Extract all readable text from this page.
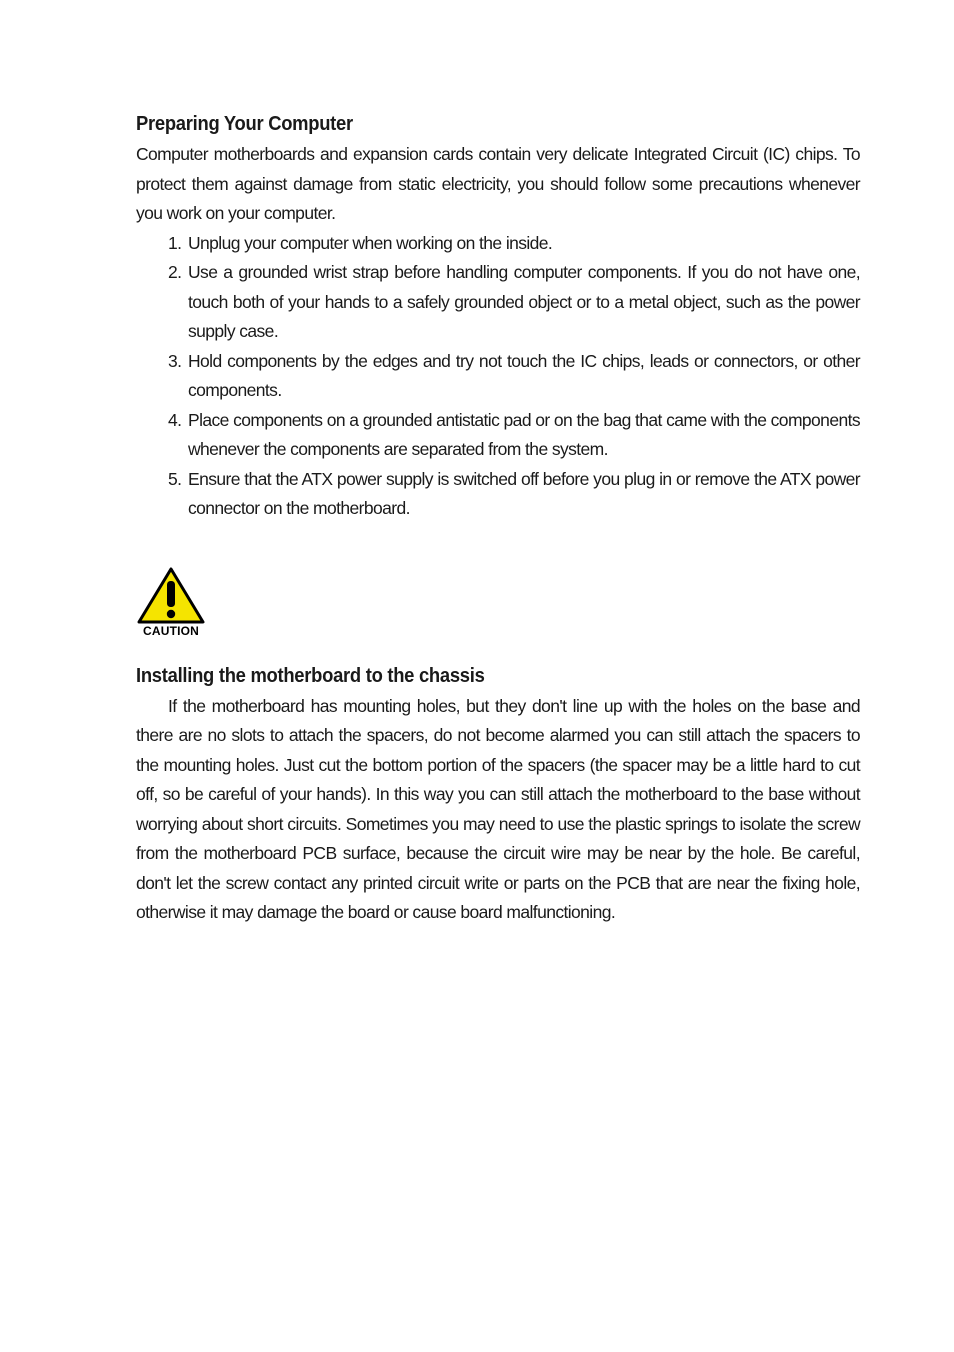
Preparing Your Computer

Computer motherboards and expansion cards contain very delicate Integrated Circuit (IC) chips. To protect them against damage from static electricity, you should follow some precautions whenever you work on your computer.

1. Unplug your computer when working on the inside.
2. Use a grounded wrist strap before handling computer components. If you do not have one, touch both of your hands to a safely grounded object or to a metal object, such as the power supply case.
3. Hold components by the edges and try not touch the IC chips, leads or connectors, or other components.
4. Place components on a grounded antistatic pad or on the bag that came with the components whenever the components are separated from the system.
5. Ensure that the ATX power supply is switched off before you plug in or remove the ATX power connector on the motherboard.
CAUTION
Installing the motherboard to the chassis

If the motherboard has mounting holes, but they don't line up with the holes on the base and there are no slots to attach the spacers, do not become alarmed you can still attach the spacers to the mounting holes. Just cut the bottom portion of the spacers (the spacer may be a little hard to cut off, so be careful of your hands). In this way you can still attach the motherboard to the base without worrying about short circuits. Sometimes you may need to use the plastic springs to isolate the screw from the motherboard PCB surface, because the circuit wire may be near by the hole. Be careful, don't let the screw contact any printed circuit write or parts on the PCB that are near the fixing hole, otherwise it may damage the board or cause board malfunctioning.
